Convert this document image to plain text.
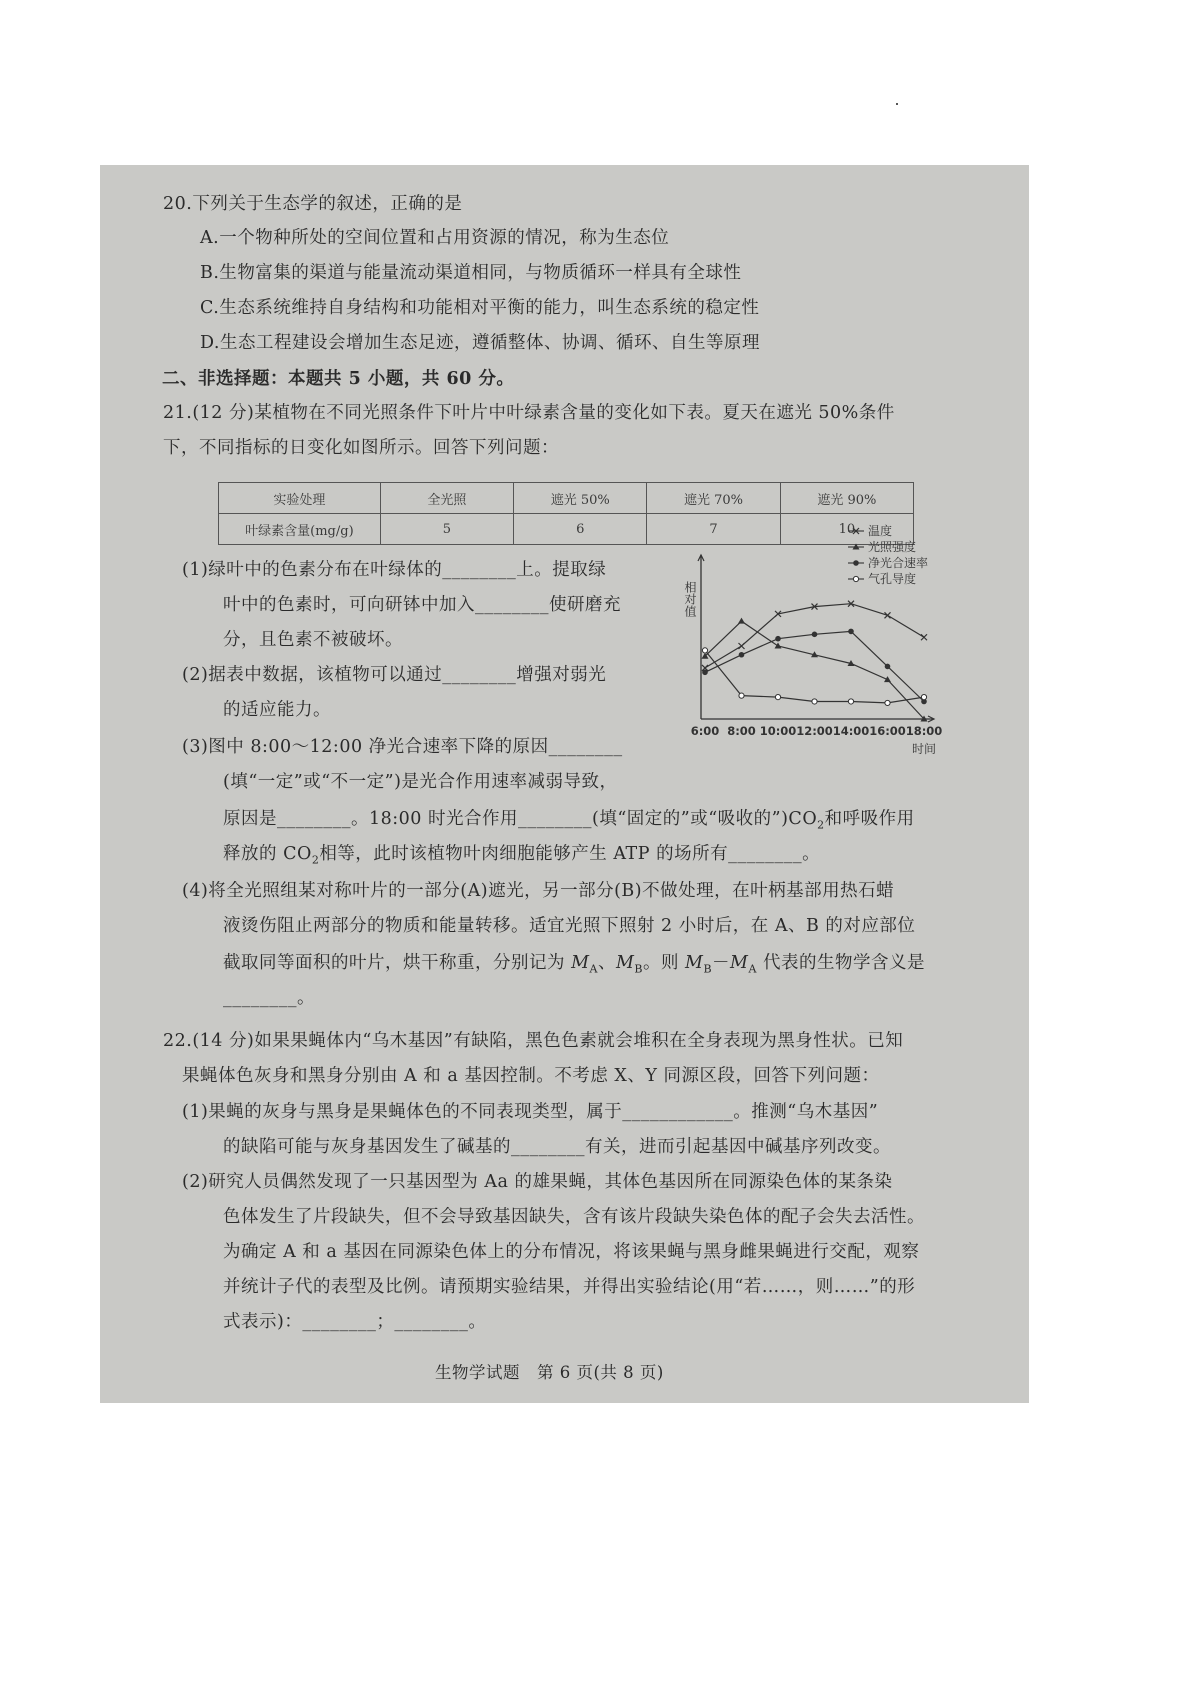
20.下列关于生态学的叙述，正确的是
A.一个物种所处的空间位置和占用资源的情况，称为生态位
B.生物富集的渠道与能量流动渠道相同，与物质循环一样具有全球性
C.生态系统维持自身结构和功能相对平衡的能力，叫生态系统的稳定性
D.生态工程建设会增加生态足迹，遵循整体、协调、循环、自生等原理
二、非选择题：本题共 5 小题，共 60 分。
21.(12 分)某植物在不同光照条件下叶片中叶绿素含量的变化如下表。夏天在遮光 50%条件
下，不同指标的日变化如图所示。回答下列问题：
实验处理	全光照	遮光 50%	遮光 70%	遮光 90%
叶绿素含量(mg/g)	5	6	7	10 温度
光照强度
净光合速率
气孔导度
相对值
6:00 8:00 10:00 12:00 14:00 16:00 18:00
时间
(1)绿叶中的色素分布在叶绿体的________上。提取绿
叶中的色素时，可向研钵中加入________使研磨充
分，且色素不被破坏。
(2)据表中数据，该植物可以通过________增强对弱光
的适应能力。
(3)图中 8:00～12:00 净光合速率下降的原因________
(填“一定”或“不一定”)是光合作用速率减弱导致，
原因是________。18:00 时光合作用________(填“固定的”或“吸收的$”)CO_2$和呼吸作用
释放的 $CO_2$相等，此时该植物叶肉细胞能够产生 ATP 的场所有________。
(4)将全光照组某对称叶片的一部分(A)遮光，另一部分(B)不做处理，在叶柄基部用热石蜡
液烫伤阻止两部分的物质和能量转移。适宜光照下照射 2 小时后，在 A、B 的对应部位
截取同等面积的叶片，烘干称重，分别记为 $M_A$、$M_B$。则 $M_B-M_A$ 代表的生物学含义是
________。
22.(14 分)如果果蝇体内“乌木基因”有缺陷，黑色色素就会堆积在全身表现为黑身性状。已知
果蝇体色灰身和黑身分别由 A 和 a 基因控制。不考虑 X、Y 同源区段，回答下列问题：
(1)果蝇的灰身与黑身是果蝇体色的不同表现类型，属于____________。推测“乌木基因”
的缺陷可能与灰身基因发生了碱基的________有关，进而引起基因中碱基序列改变。
(2)研究人员偶然发现了一只基因型为 Aa 的雄果蝇，其体色基因所在同源染色体的某条染
色体发生了片段缺失，但不会导致基因缺失，含有该片段缺失染色体的配子会失去活性。
为确定 A 和 a 基因在同源染色体上的分布情况，将该果蝇与黑身雌果蝇进行交配，观察
并统计子代的表型及比例。请预期实验结果，并得出实验结论(用“若……，则……”的形
式表示)：________；________。
生物学试题　第 6 页(共 8 页)
